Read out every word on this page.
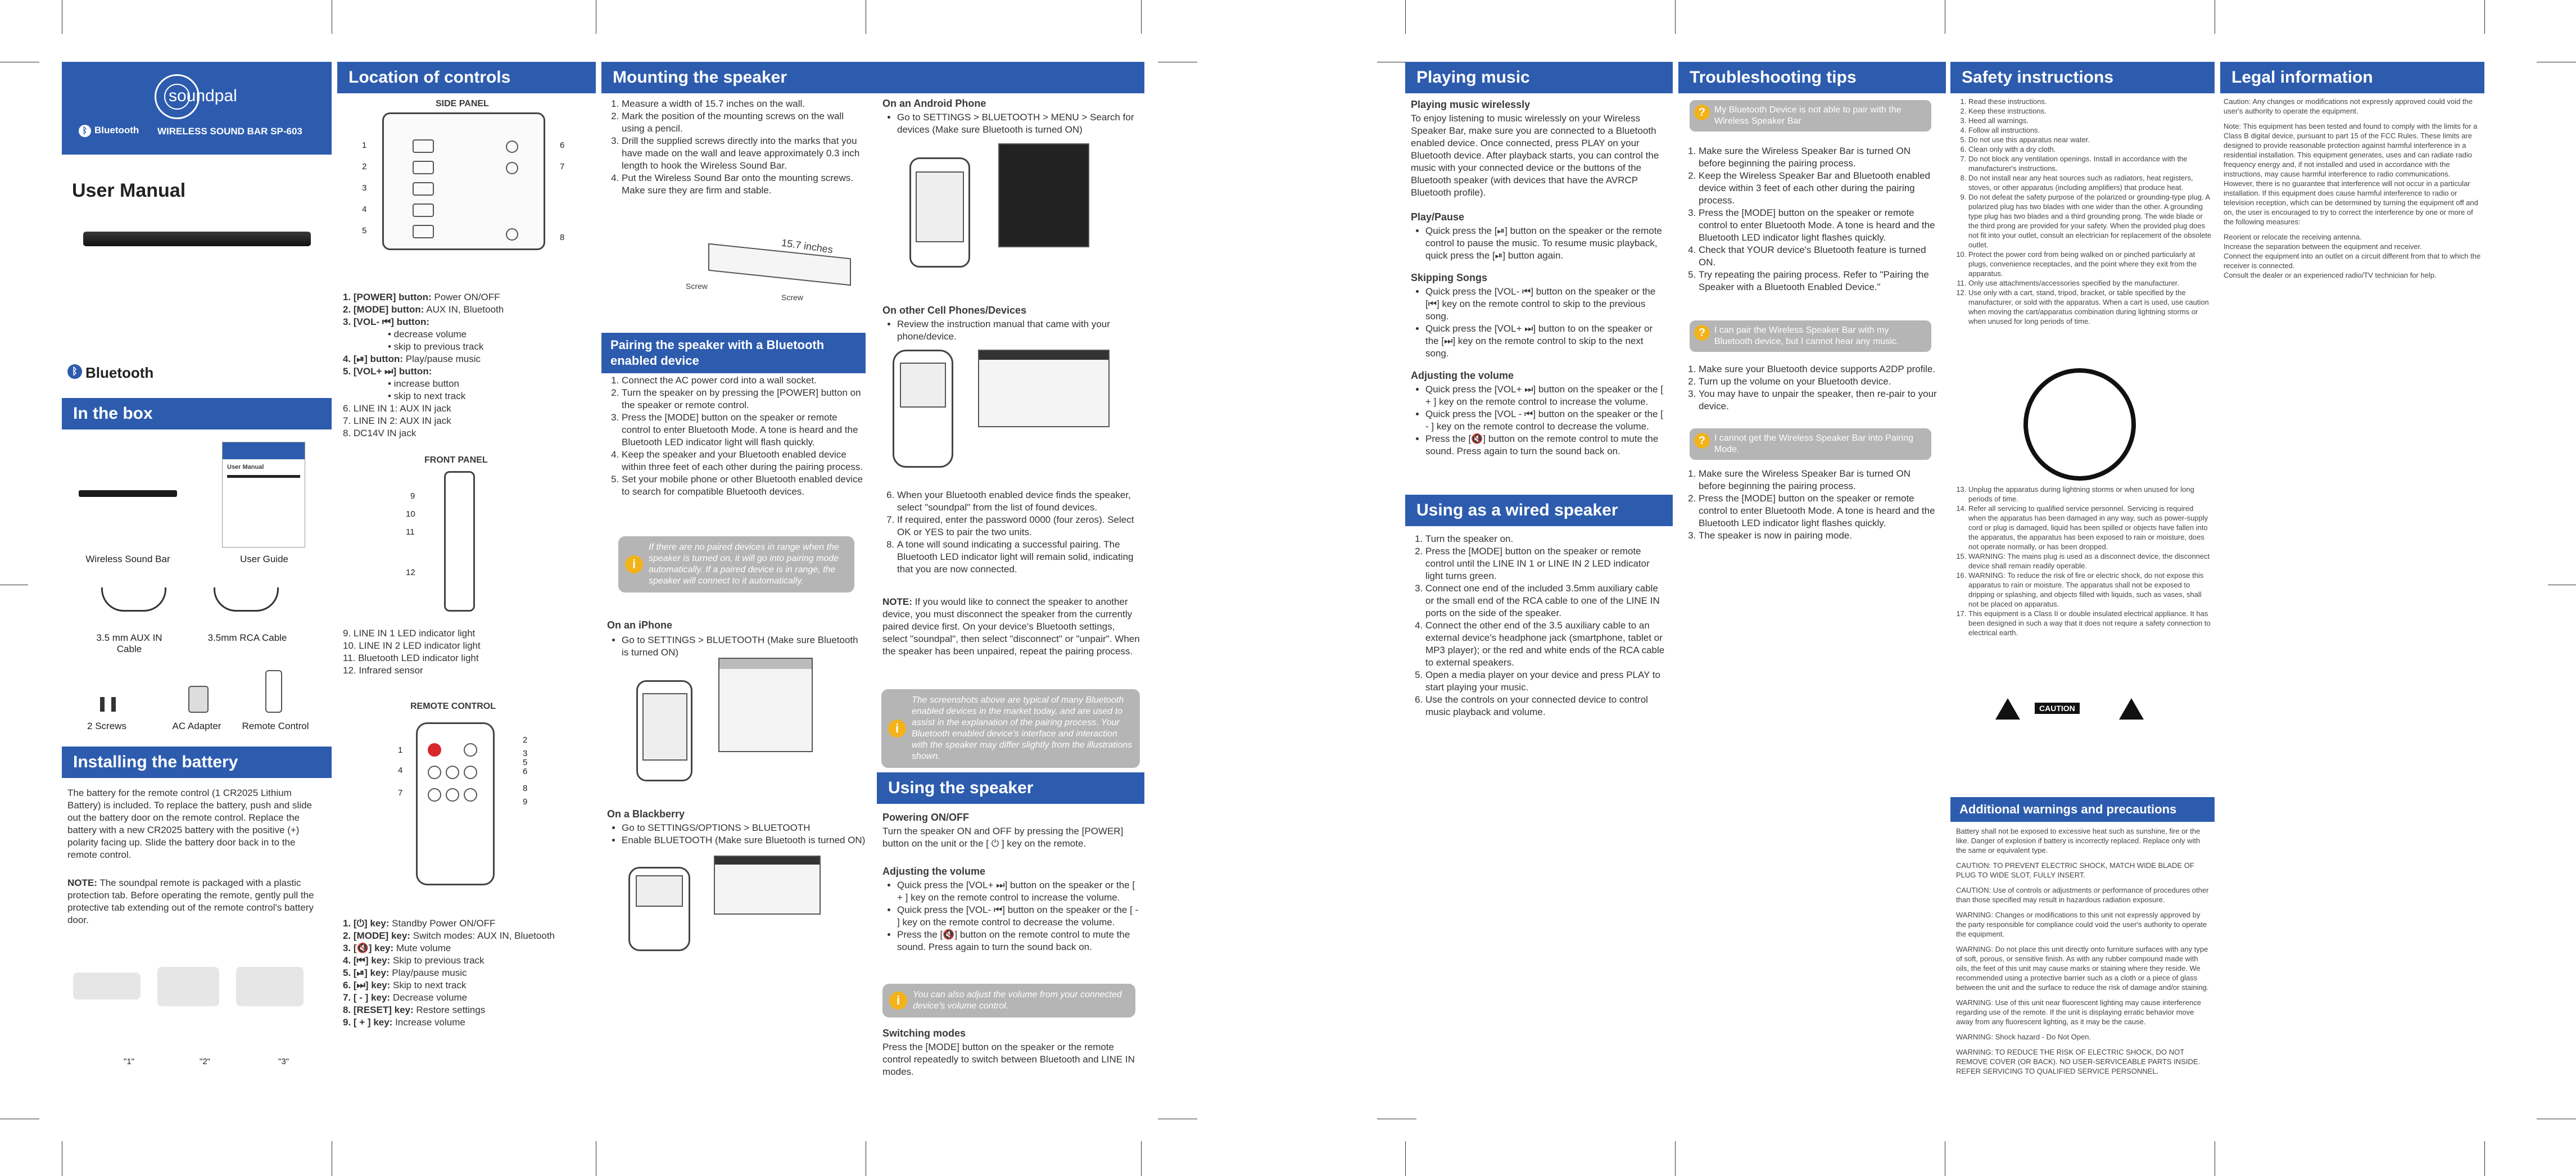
soundpal
ᛒ Bluetooth WIRELESS SOUND BAR SP-603
User Manual
ᛒ Bluetooth
In the box
Wireless Sound Bar
User Manual
User Guide
3.5 mm AUX IN Cable
3.5mm RCA Cable
2 Screws	AC Adapter	Remote Control
Installing the battery
The battery for the remote control (1 CR2025 Lithium Battery) is included. To replace the battery, push and slide out the battery door on the remote control. Replace the battery with a new CR2025 battery with the positive (+) polarity facing up. Slide the battery door back in to the remote control.
NOTE: The soundpal remote is packaged with a plastic protection tab. Before operating the remote, gently pull the protective tab extending out of the remote control's battery door.
"1"	"2"	"3"
Location of controls
SIDE PANEL
1
2
3
4
5
6
7
8
1. [POWER] button: Power ON/OFF
2. [MODE] button: AUX IN, Bluetooth
3. [VOL- ⏮] button:
• decrease volume
• skip to previous track
4. [⏯] button: Play/pause music
5. [VOL+ ⏭] button:
• increase button
• skip to next track
6. LINE IN 1: AUX IN jack
7. LINE IN 2: AUX IN jack
8. DC14V IN jack
FRONT PANEL
9
10
11
12
9. LINE IN 1 LED indicator light
10. LINE IN 2 LED indicator light
11. Bluetooth LED indicator light
12. Infrared sensor
REMOTE CONTROL
1
4
7
2
3
5
6
8
9
1. [⏻] key: Standby Power ON/OFF
2. [MODE] key: Switch modes: AUX IN, Bluetooth
3. [🔇] key: Mute volume
4. [⏮] key: Skip to previous track
5. [⏯] key: Play/pause music
6. [⏭] key: Skip to next track
7. [ - ] key: Decrease volume
8. [RESET] key: Restore settings
9. [ + ] key: Increase volume
Mounting the speaker
1. Measure a width of 15.7 inches on the wall.
2. Mark the position of the mounting screws on the wall using a pencil.
3. Drill the supplied screws directly into the marks that you have made on the wall and leave approximately 0.3 inch length to hook the Wireless Sound Bar.
4. Put the Wireless Sound Bar onto the mounting screws. Make sure they are firm and stable.
15.7 inches
Screw
Screw
Pairing the speaker with a Bluetooth enabled device
1. Connect the AC power cord into a wall socket.
2. Turn the speaker on by pressing the [POWER] button on the speaker or remote control.
3. Press the [MODE] button on the speaker or remote control to enter Bluetooth Mode. A tone is heard and the Bluetooth LED indicator light will flash quickly.
4. Keep the speaker and your Bluetooth enabled device within three feet of each other during the pairing process.
5. Set your mobile phone or other Bluetooth enabled device to search for compatible Bluetooth devices.
i
If there are no paired devices in range when the speaker is turned on, it will go into pairing mode automatically. If a paired device is in range, the speaker will connect to it automatically.
On an iPhone
• Go to SETTINGS > BLUETOOTH (Make sure Bluetooth is turned ON)
On a Blackberry
• Go to SETTINGS/OPTIONS > BLUETOOTH
• Enable BLUETOOTH (Make sure Bluetooth is turned ON)
On an Android Phone
• Go to SETTINGS > BLUETOOTH > MENU > Search for devices (Make sure Bluetooth is turned ON)
On other Cell Phones/Devices
• Review the instruction manual that came with your phone/device.
6. When your Bluetooth enabled device finds the speaker, select "soundpal" from the list of found devices.
7. If required, enter the password 0000 (four zeros). Select OK or YES to pair the two units.
8. A tone will sound indicating a successful pairing. The Bluetooth LED indicator light will remain solid, indicating that you are now connected.
NOTE: If you would like to connect the speaker to another device, you must disconnect the speaker from the currently paired device first. On your device's Bluetooth settings, select "soundpal", then select "disconnect" or "unpair". When the speaker has been unpaired, repeat the pairing process.
i
The screenshots above are typical of many Bluetooth enabled devices in the market today, and are used to assist in the explanation of the pairing process. Your Bluetooth enabled device's interface and interaction with the speaker may differ slightly from the illustrations shown.
Using the speaker
Powering ON/OFF
Turn the speaker ON and OFF by pressing the [POWER] button on the unit or the [ ⏻ ] key on the remote.
Adjusting the volume
• Quick press the [VOL+ ⏭] button on the speaker or the [ + ] key on the remote control to increase the volume.
• Quick press the [VOL- ⏮] button on the speaker or the [ - ] key on the remote control to decrease the volume.
• Press the [🔇] button on the remote control to mute the sound. Press again to turn the sound back on.
i	You can also adjust the volume from your connected device's volume control.
Switching modes
Press the [MODE] button on the speaker or the remote control repeatedly to switch between Bluetooth and LINE IN modes.
Playing music
Playing music wirelessly
To enjoy listening to music wirelessly on your Wireless Speaker Bar, make sure you are connected to a Bluetooth enabled device. Once connected, press PLAY on your Bluetooth device. After playback starts, you can control the music with your connected device or the buttons of the Bluetooth speaker (with devices that have the AVRCP Bluetooth profile).
Play/Pause
• Quick press the [⏯] button on the speaker or the remote control to pause the music. To resume music playback, quick press the [⏯] button again.
Skipping Songs
• Quick press the [VOL- ⏮] button on the speaker or the [⏮] key on the remote control to skip to the previous song.
• Quick press the [VOL+ ⏭] button to on the speaker or the [⏭] key on the remote control to skip to the next song.
Adjusting the volume
• Quick press the [VOL+ ⏭] button on the speaker or the [ + ] key on the remote control to increase the volume.
• Quick press the [VOL - ⏮] button on the speaker or the [ - ] key on the remote control to decrease the volume.
• Press the [🔇] button on the remote control to mute the sound. Press again to turn the sound back on.
Using as a wired speaker
1. Turn the speaker on.
2. Press the [MODE] button on the speaker or remote control until the LINE IN 1 or LINE IN 2 LED indicator light turns green.
3. Connect one end of the included 3.5mm auxiliary cable or the small end of the RCA cable to one of the LINE IN ports on the side of the speaker.
4. Connect the other end of the 3.5 auxiliary cable to an external device's headphone jack (smartphone, tablet or MP3 player); or the red and white ends of the RCA cable to external speakers.
5. Open a media player on your device and press PLAY to start playing your music.
6. Use the controls on your connected device to control music playback and volume.
Troubleshooting tips
? My Bluetooth Device is not able to pair with the Wireless Speaker Bar
1. Make sure the Wireless Speaker Bar is turned ON before beginning the pairing process.
2. Keep the Wireless Speaker Bar and Bluetooth enabled device within 3 feet of each other during the pairing process.
3. Press the [MODE] button on the speaker or remote control to enter Bluetooth Mode. A tone is heard and the Bluetooth LED indicator light flashes quickly.
4. Check that YOUR device's Bluetooth feature is turned ON.
5. Try repeating the pairing process. Refer to "Pairing the Speaker with a Bluetooth Enabled Device."
? I can pair the Wireless Speaker Bar with my Bluetooth device, but I cannot hear any music.
1. Make sure your Bluetooth device supports A2DP profile.
2. Turn up the volume on your Bluetooth device.
3. You may have to unpair the speaker, then re-pair to your device.
? I cannot get the Wireless Speaker Bar into Pairing Mode.
1. Make sure the Wireless Speaker Bar is turned ON before beginning the pairing process.
2. Press the [MODE] button on the speaker or remote control to enter Bluetooth Mode. A tone is heard and the Bluetooth LED indicator light flashes quickly.
3. The speaker is now in pairing mode.
Safety instructions
1. Read these instructions.
2. Keep these instructions.
3. Heed all warnings.
4. Follow all instructions.
5. Do not use this apparatus near water.
6. Clean only with a dry cloth.
7. Do not block any ventilation openings. Install in accordance with the manufacturer's instructions.
8. Do not install near any heat sources such as radiators, heat registers, stoves, or other apparatus (including amplifiers) that produce heat.
9. Do not defeat the safety purpose of the polarized or grounding-type plug. A polarized plug has two blades with one wider than the other. A grounding type plug has two blades and a third grounding prong. The wide blade or the third prong are provided for your safety. When the provided plug does not fit into your outlet, consult an electrician for replacement of the obsolete outlet.
10. Protect the power cord from being walked on or pinched particularly at plugs, convenience receptacles, and the point where they exit from the apparatus.
11. Only use attachments/accessories specified by the manufacturer.
12. Use only with a cart, stand, tripod, bracket, or table specified by the manufacturer, or sold with the apparatus. When a cart is used, use caution when moving the cart/apparatus combination during lightning storms or when unused for long periods of time.
13. Unplug the apparatus during lightning storms or when unused for long periods of time.
14. Refer all servicing to qualified service personnel. Servicing is required when the apparatus has been damaged in any way, such as power-supply cord or plug is damaged, liquid has been spilled or objects have fallen into the apparatus, the apparatus has been exposed to rain or moisture, does not operate normally, or has been dropped.
15. WARNING: The mains plug is used as a disconnect device, the disconnect device shall remain readily operable.
16. WARNING: To reduce the risk of fire or electric shock, do not expose this apparatus to rain or moisture. The apparatus shall not be exposed to dripping or splashing, and objects filled with liquids, such as vases, shall not be placed on apparatus.
17. This equipment is a Class II or double insulated electrical appliance. It has been designed in such a way that it does not require a safety connection to electrical earth.
CAUTION
Additional warnings and precautions

Battery shall not be exposed to excessive heat such as sunshine, fire or the like. Danger of explosion if battery is incorrectly replaced. Replace only with the same or equivalent type.

CAUTION: TO PREVENT ELECTRIC SHOCK, MATCH WIDE BLADE OF PLUG TO WIDE SLOT, FULLY INSERT.

CAUTION: Use of controls or adjustments or performance of procedures other than those specified may result in hazardous radiation exposure.

WARNING: Changes or modifications to this unit not expressly approved by the party responsible for compliance could void the user's authority to operate the equipment.

WARNING: Do not place this unit directly onto furniture surfaces with any type of soft, porous, or sensitive finish. As with any rubber compound made with oils, the feet of this unit may cause marks or staining where they reside. We recommended using a protective barrier such as a cloth or a piece of glass between the unit and the surface to reduce the risk of damage and/or staining.

WARNING: Use of this unit near fluorescent lighting may cause interference regarding use of the remote. If the unit is displaying erratic behavior move away from any fluorescent lighting, as it may be the cause.

WARNING: Shock hazard - Do Not Open.

WARNING: TO REDUCE THE RISK OF ELECTRIC SHOCK, DO NOT REMOVE COVER (OR BACK). NO USER-SERVICEABLE PARTS INSIDE. REFER SERVICING TO QUALIFIED SERVICE PERSONNEL.

Legal information

Caution: Any changes or modifications not expressly approved could void the user's authority to operate the equipment.

Note: This equipment has been tested and found to comply with the limits for a Class B digital device, pursuant to part 15 of the FCC Rules. These limits are designed to provide reasonable protection against harmful interference in a residential installation. This equipment generates, uses and can radiate radio frequency energy and, if not installed and used in accordance with the instructions, may cause harmful interference to radio communications. However, there is no guarantee that interference will not occur in a particular installation. If this equipment does cause harmful interference to radio or television reception, which can be determined by turning the equipment off and on, the user is encouraged to try to correct the interference by one or more of the following measures:

Reorient or relocate the receiving antenna.
Increase the separation between the equipment and receiver.
Connect the equipment into an outlet on a circuit different from that to which the receiver is connected.
Consult the dealer or an experienced radio/TV technician for help.
